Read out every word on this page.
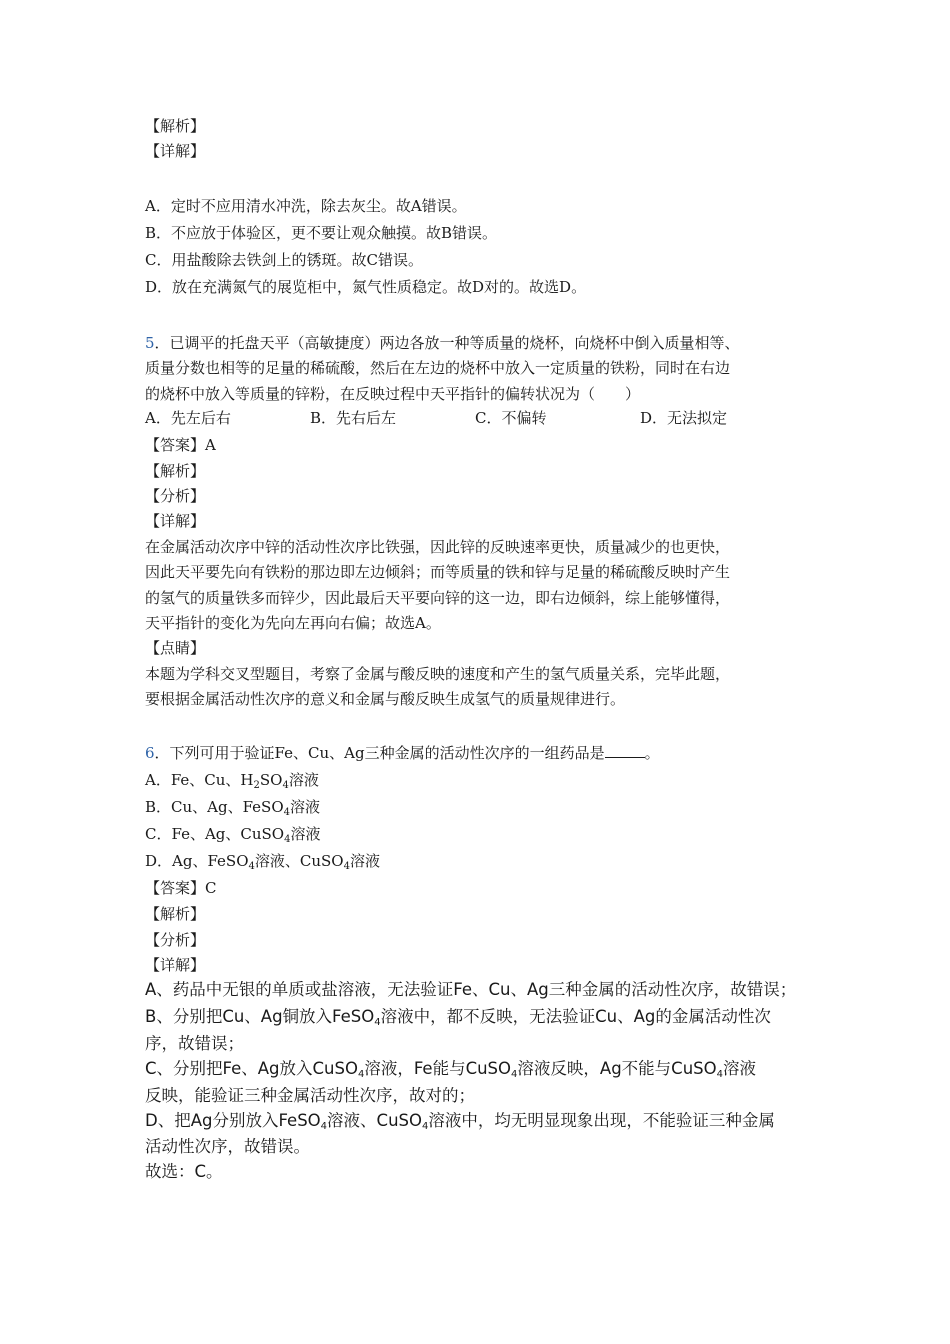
【解析】
【详解】
A．定时不应用清水冲洗，除去灰尘。故A错误。
B．不应放于体验区，更不要让观众触摸。故B错误。
C．用盐酸除去铁剑上的锈斑。故C错误。
D．放在充满氮气的展览柜中，氮气性质稳定。故D对的。故选D。
5．已调平的托盘天平（高敏捷度）两边各放一种等质量的烧杯，向烧杯中倒入质量相等、
质量分数也相等的足量的稀硫酸，然后在左边的烧杯中放入一定质量的铁粉，同时在右边
的烧杯中放入等质量的锌粉，在反映过程中天平指针的偏转状况为（　　）
A．先左后右	B．先右后左	C．不偏转	D．无法拟定
【答案】A
【解析】
【分析】
【详解】
在金属活动次序中锌的活动性次序比铁强，因此锌的反映速率更快，质量减少的也更快，
因此天平要先向有铁粉的那边即左边倾斜；而等质量的铁和锌与足量的稀硫酸反映时产生
的氢气的质量铁多而锌少，因此最后天平要向锌的这一边，即右边倾斜，综上能够懂得，
天平指针的变化为先向左再向右偏；故选A。
【点睛】
本题为学科交叉型题目，考察了金属与酸反映的速度和产生的氢气质量关系，完毕此题，
要根据金属活动性次序的意义和金属与酸反映生成氢气的质量规律进行。
6．下列可用于验证Fe、Cu、Ag三种金属的活动性次序的一组药品是	。
A．Fe、Cu、$H_2SO_4$溶液
B．Cu、Ag、FeSO$_4$溶液
C．Fe、Ag、CuSO$_4$溶液
D．Ag、FeSO$_4$溶液、CuSO$_4$溶液
【答案】C
【解析】
【分析】
【详解】
A、药品中无银的单质或盐溶液，无法验证Fe、Cu、Ag三种金属的活动性次序，故错误；
B、分别把Cu、Ag铜放入FeSO$_4$溶液中，都不反映，无法验证Cu、Ag的金属活动性次
序，故错误；
C、分别把Fe、Ag放入CuSO$_4$溶液，Fe能与CuSO$_4$溶液反映，Ag不能与CuSO$_4$溶液
反映，能验证三种金属活动性次序，故对的；
D、把Ag分别放入FeSO$_4$溶液、CuSO$_4$溶液中，均无明显现象出现，不能验证三种金属
活动性次序，故错误。
故选：C。
